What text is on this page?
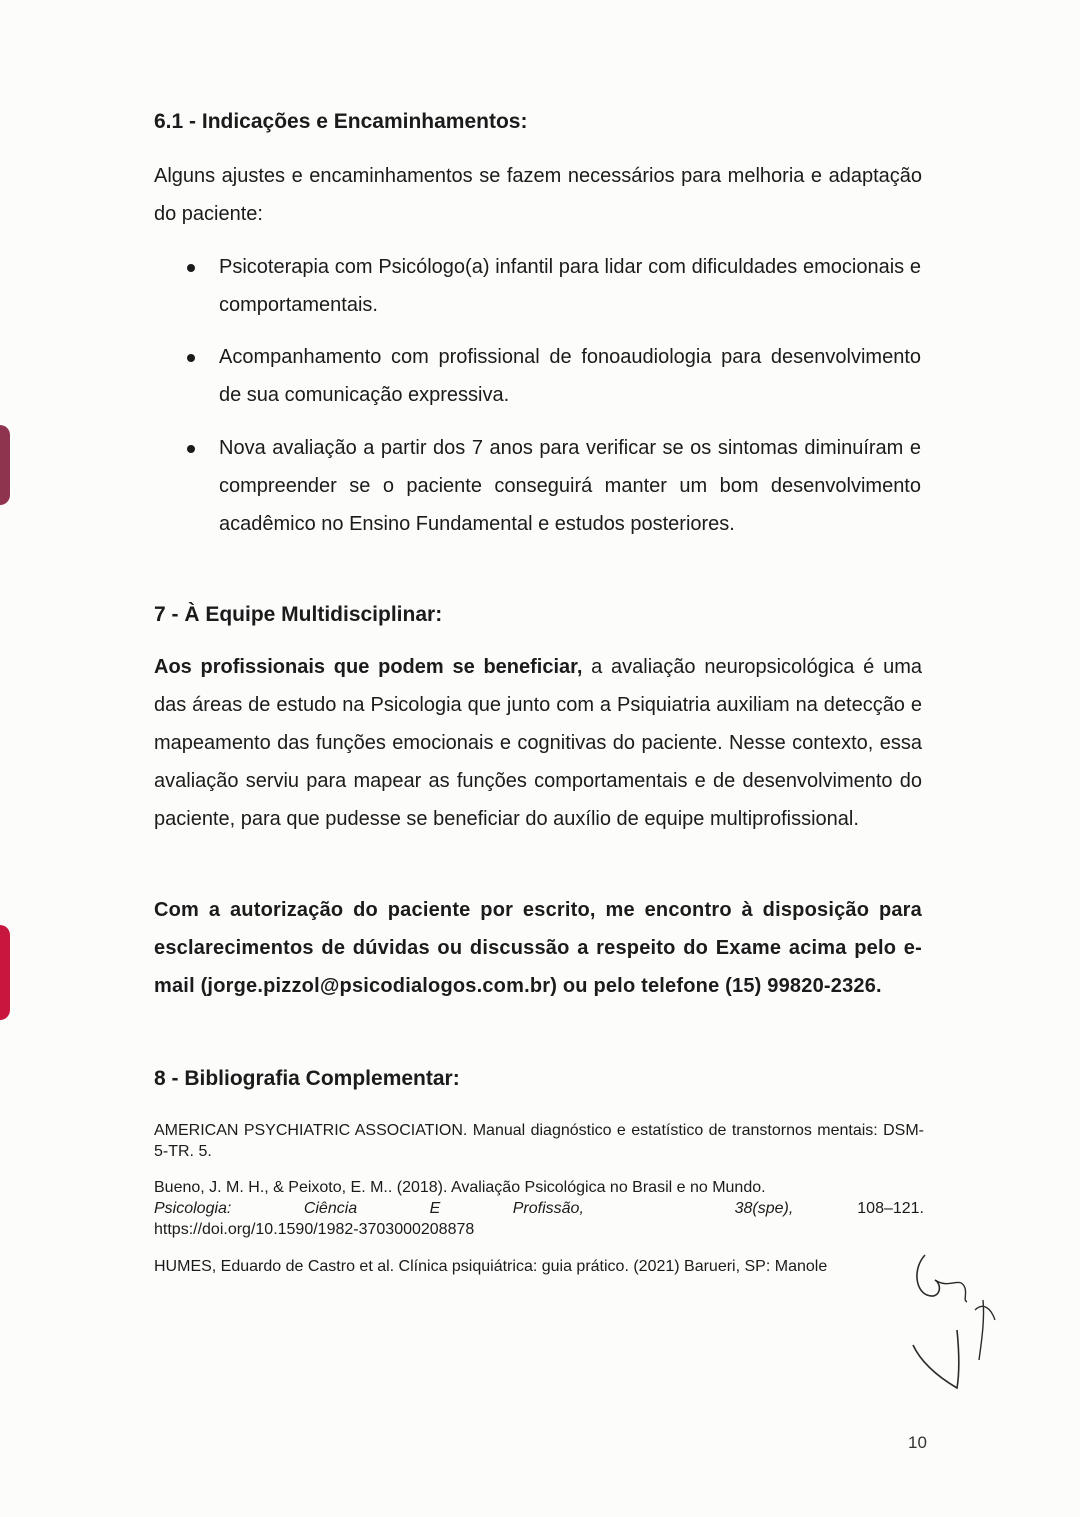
6.1 - Indicações e Encaminhamentos:

Alguns ajustes e encaminhamentos se fazem necessários para melhoria e adaptação do paciente:

Psicoterapia com Psicólogo(a) infantil para lidar com dificuldades emocionais e comportamentais.
Acompanhamento com profissional de fonoaudiologia para desenvolvimento de sua comunicação expressiva.
Nova avaliação a partir dos 7 anos para verificar se os sintomas diminuíram e compreender se o paciente conseguirá manter um bom desenvolvimento acadêmico no Ensino Fundamental e estudos posteriores.
7 - À Equipe Multidisciplinar:

Aos profissionais que podem se beneficiar, a avaliação neuropsicológica é uma das áreas de estudo na Psicologia que junto com a Psiquiatria auxiliam na detecção e mapeamento das funções emocionais e cognitivas do paciente. Nesse contexto, essa avaliação serviu para mapear as funções comportamentais e de desenvolvimento do paciente, para que pudesse se beneficiar do auxílio de equipe multiprofissional.

Com a autorização do paciente por escrito, me encontro à disposição para esclarecimentos de dúvidas ou discussão a respeito do Exame acima pelo e-mail (jorge.pizzol@psicodialogos.com.br) ou pelo telefone (15) 99820-2326.

8 - Bibliografia Complementar:

AMERICAN PSYCHIATRIC ASSOCIATION. Manual diagnóstico e estatístico de transtornos mentais: DSM-5-TR. 5.

Bueno, J. M. H., & Peixoto, E. M.. (2018). Avaliação Psicológica no Brasil e no Mundo.
Psicologia: Ciência E Profissão,	38(spe),	108–121.
https://doi.org/10.1590/1982-3703000208878

HUMES, Eduardo de Castro et al. Clínica psiquiátrica: guia prático. (2021) Barueri, SP: Manole

10
